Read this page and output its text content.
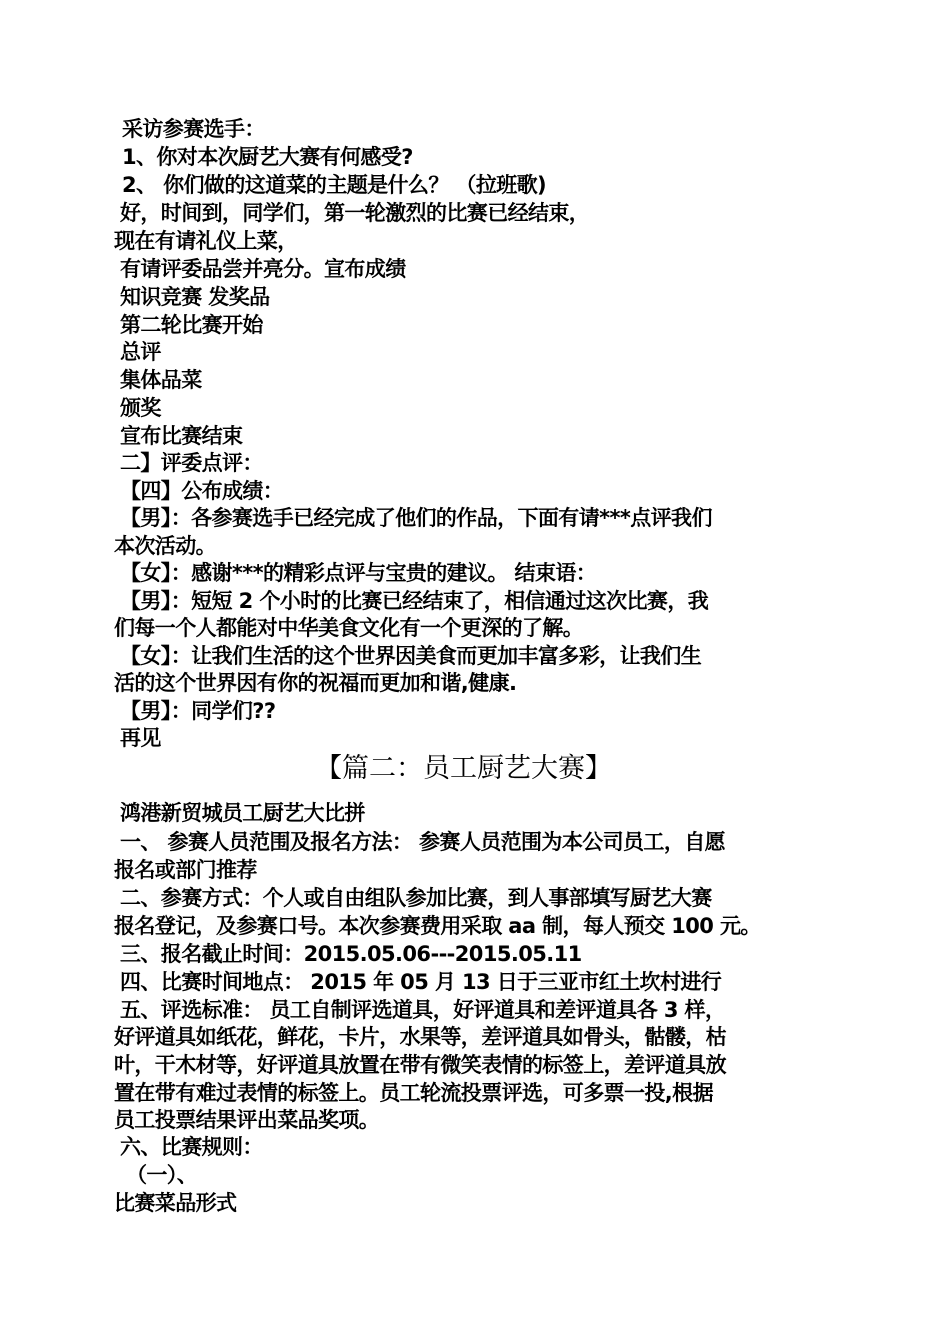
采访参赛选手：
1、你对本次厨艺大赛有何感受?
2、 你们做的这道菜的主题是什么？ （拉班歌)
好，时间到，同学们，第一轮激烈的比赛已经结束，
现在有请礼仪上菜，
有请评委品尝并亮分。宣布成绩
知识竞赛 发奖品
第二轮比赛开始
总评
集体品菜
颁奖
宣布比赛结束
二】评委点评：
【四】公布成绩：
【男】：各参赛选手已经完成了他们的作品，下面有请***点评我们
本次活动。
【女】：感谢***的精彩点评与宝贵的建议。 结束语：
【男】：短短 2 个小时的比赛已经结束了，相信通过这次比赛，我
们每一个人都能对中华美食文化有一个更深的了解。
【女】：让我们生活的这个世界因美食而更加丰富多彩，让我们生
活的这个世界因有你的祝福而更加和谐,健康.
【男】：同学们??
再见
【篇二：员工厨艺大赛】
鸿港新贸城员工厨艺大比拼
一、 参赛人员范围及报名方法： 参赛人员范围为本公司员工，自愿
报名或部门推荐
二、参赛方式：个人或自由组队参加比赛，到人事部填写厨艺大赛
报名登记，及参赛口号。本次参赛费用采取 aa 制，每人预交 100 元。
三、报名截止时间：2015.05.06---2015.05.11
四、比赛时间地点： 2015 年 05 月 13 日于三亚市红土坎村进行
五、评选标准： 员工自制评选道具，好评道具和差评道具各 3 样，
好评道具如纸花，鲜花，卡片，水果等，差评道具如骨头，骷髅，枯
叶，干木材等，好评道具放置在带有微笑表情的标签上，差评道具放
置在带有难过表情的标签上。员工轮流投票评选，可多票一投,根据
员工投票结果评出菜品奖项。
六、比赛规则：
（一）、
比赛菜品形式
